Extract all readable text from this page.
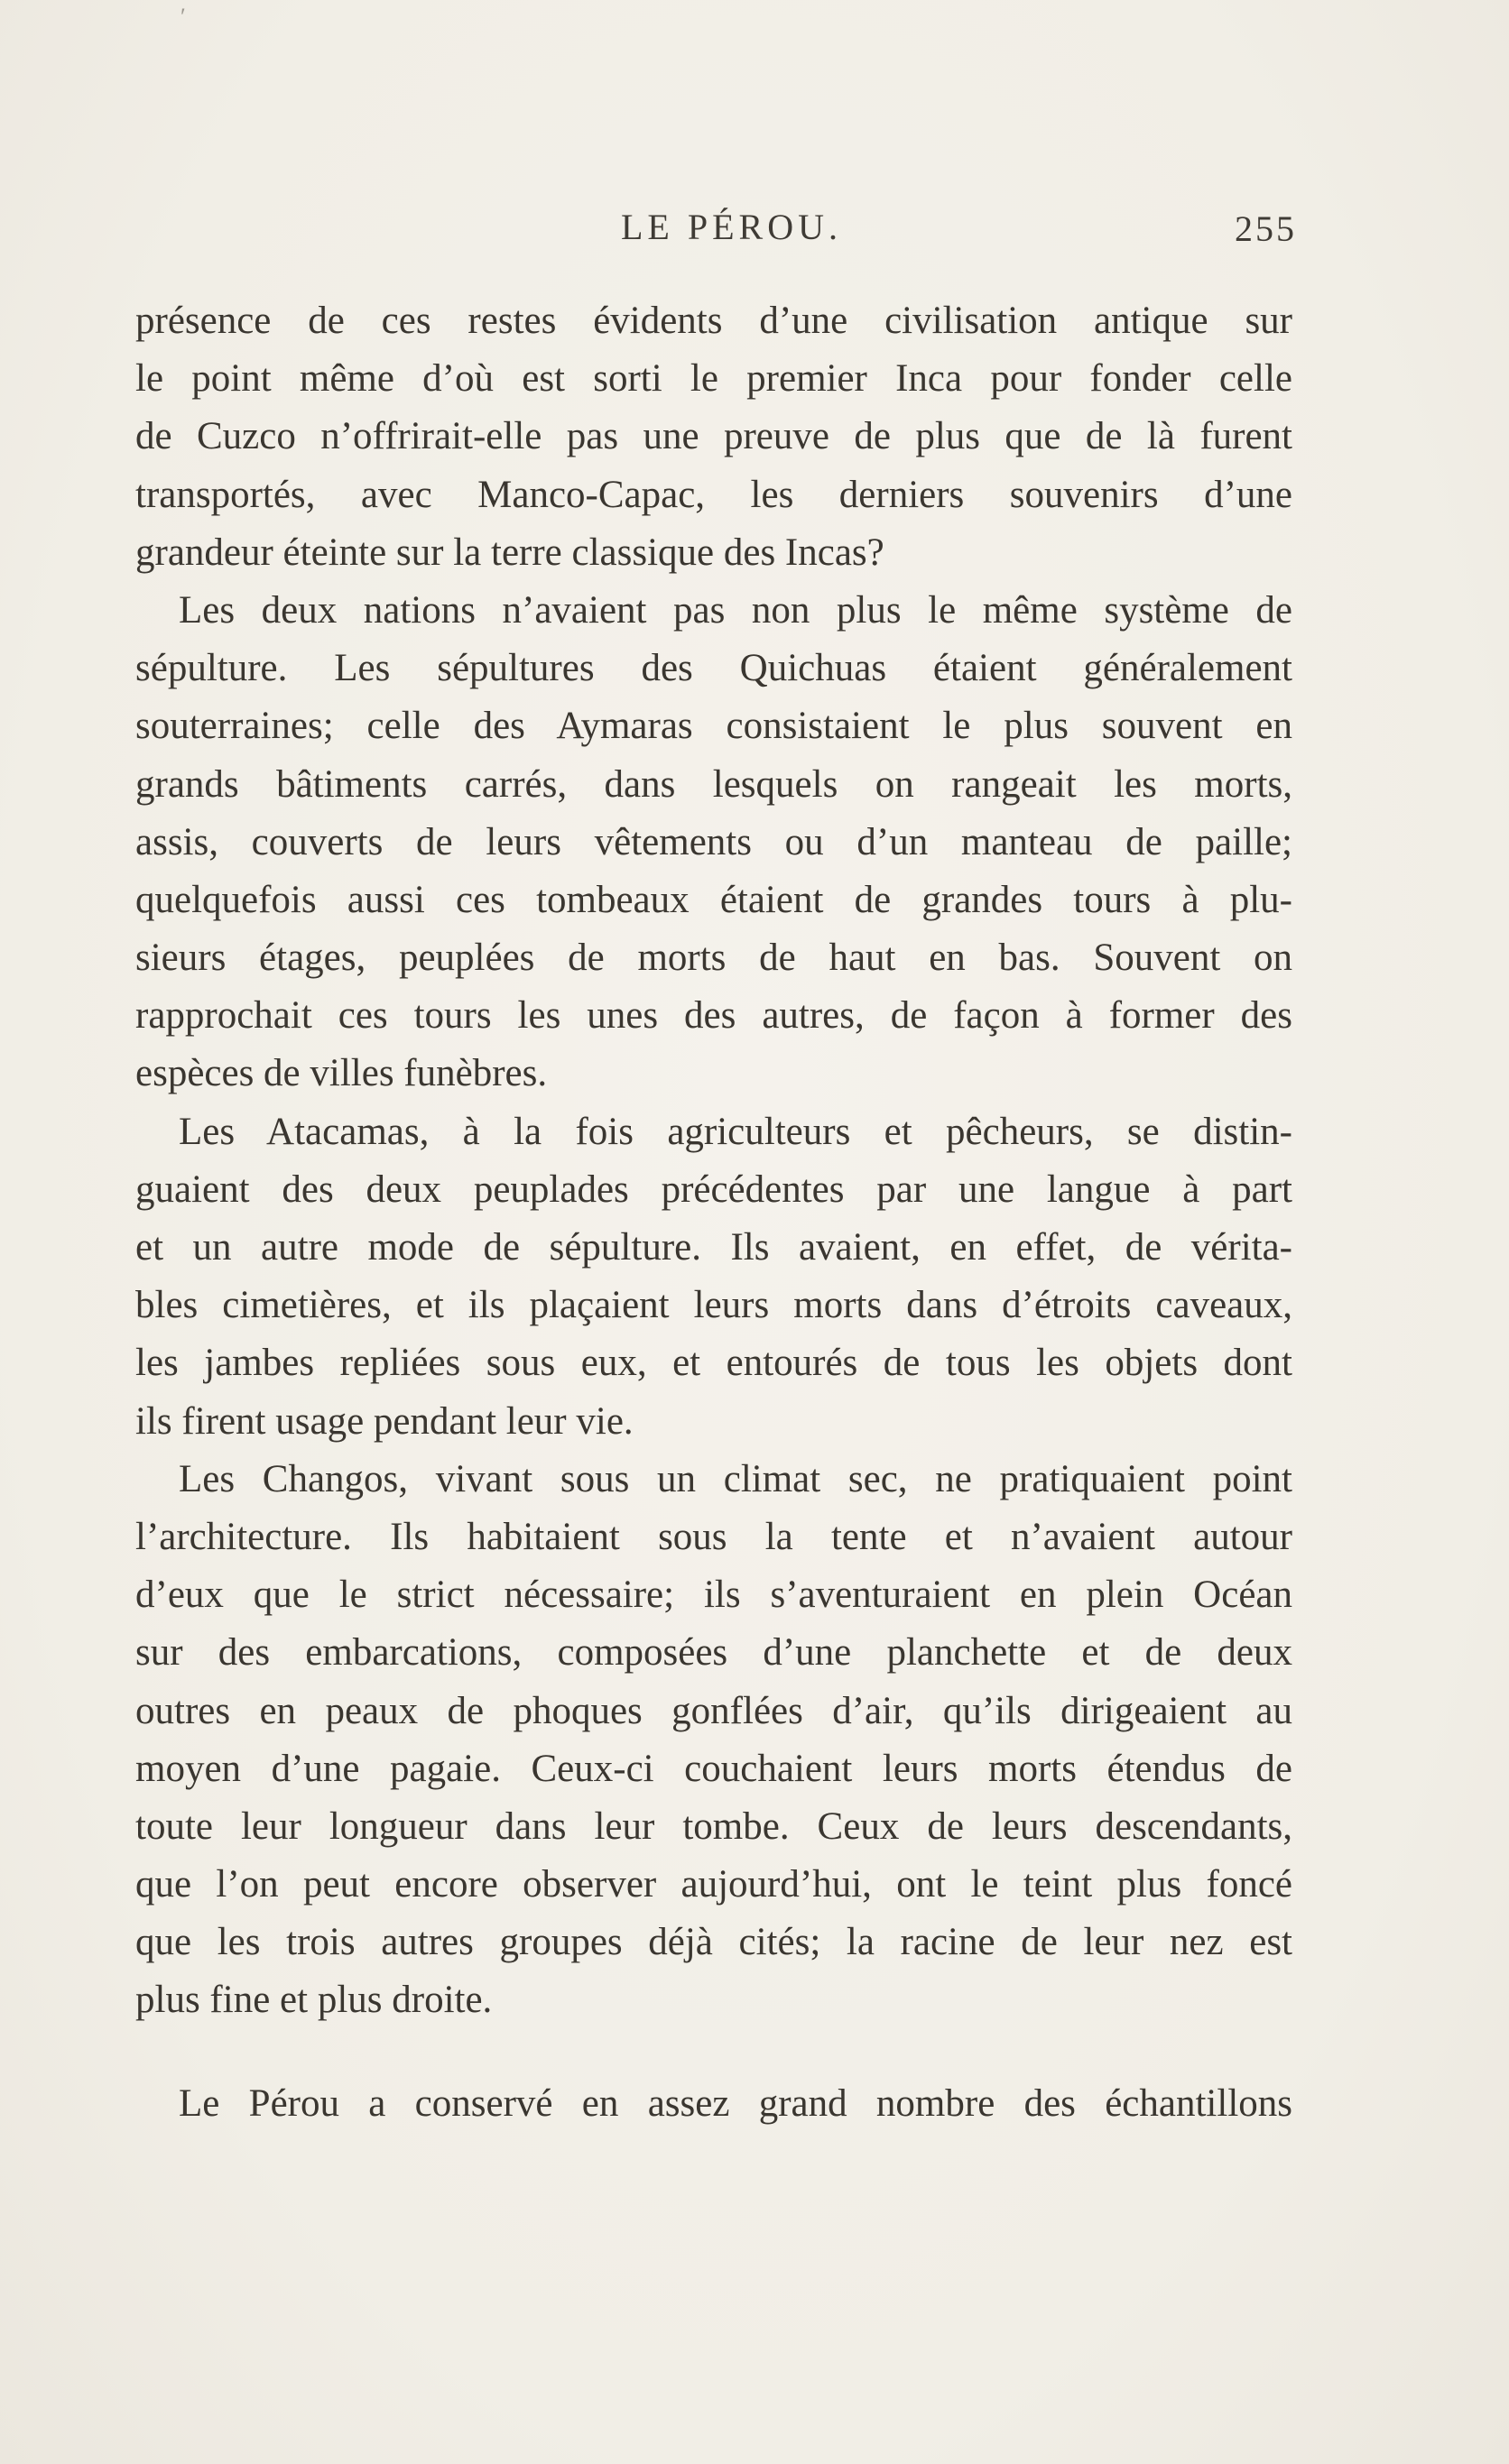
′
LE PÉROU.	255
présence de ces restes évidents d’une civilisation antique sur
le point même d’où est sorti le premier Inca pour fonder celle
de Cuzco n’offrirait-elle pas une preuve de plus que de là furent
transportés, avec Manco-Capac, les derniers souvenirs d’une
grandeur éteinte sur la terre classique des Incas?
Les deux nations n’avaient pas non plus le même système de
sépulture. Les sépultures des Quichuas étaient généralement
souterraines; celle des Aymaras consistaient le plus souvent en
grands bâtiments carrés, dans lesquels on rangeait les morts,
assis, couverts de leurs vêtements ou d’un manteau de paille;
quelquefois aussi ces tombeaux étaient de grandes tours à plu-
sieurs étages, peuplées de morts de haut en bas. Souvent on
rapprochait ces tours les unes des autres, de façon à former des
espèces de villes funèbres.
Les Atacamas, à la fois agriculteurs et pêcheurs, se distin-
guaient des deux peuplades précédentes par une langue à part
et un autre mode de sépulture. Ils avaient, en effet, de vérita-
bles cimetières, et ils plaçaient leurs morts dans d’étroits caveaux,
les jambes repliées sous eux, et entourés de tous les objets dont
ils firent usage pendant leur vie.
Les Changos, vivant sous un climat sec, ne pratiquaient point
l’architecture. Ils habitaient sous la tente et n’avaient autour
d’eux que le strict nécessaire; ils s’aventuraient en plein Océan
sur des embarcations, composées d’une planchette et de deux
outres en peaux de phoques gonflées d’air, qu’ils dirigeaient au
moyen d’une pagaie. Ceux-ci couchaient leurs morts étendus de
toute leur longueur dans leur tombe. Ceux de leurs descendants,
que l’on peut encore observer aujourd’hui, ont le teint plus foncé
que les trois autres groupes déjà cités; la racine de leur nez est
plus fine et plus droite.
Le Pérou a conservé en assez grand nombre des échantillons
